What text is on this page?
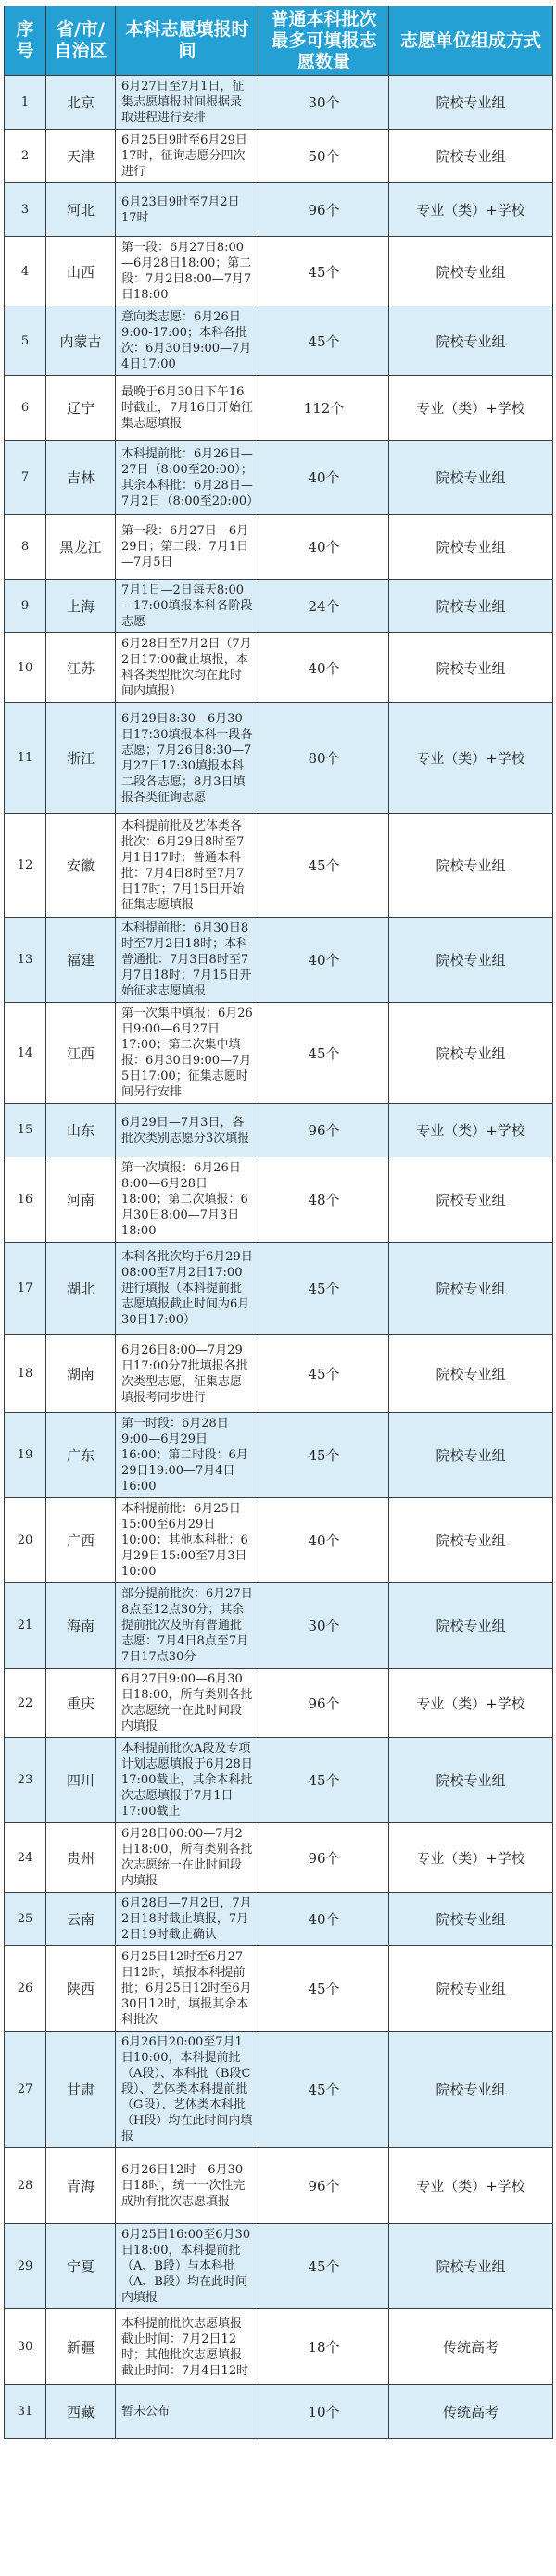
序号	省/市/自治区	本科志愿填报时间	普通本科批次最多可填报志愿数量	志愿单位组成方式
1	北京	6月27日至7月1日，征集志愿填报时间根据录取进程进行安排	30个	院校专业组
2	天津	6月25日9时至6月29日17时，征询志愿分四次进行	50个	院校专业组
3	河北	6月23日9时至7月2日17时	96个	专业（类）+学校
4	山西	第一段：6月27日8:00—6月28日18:00；第二段：7月2日8:00—7月7日18:00	45个	院校专业组
5	内蒙古	意向类志愿：6月26日9:00-17:00；本科各批次：6月30日9:00—7月4日17:00	45个	院校专业组
6	辽宁	最晚于6月30日下午16时截止，7月16日开始征集志愿填报	112个	专业（类）+学校
7	吉林	本科提前批：6月26日—27日（8:00至20:00）；其余本科批：6月28日—7月2日（8:00至20:00）	40个	院校专业组
8	黑龙江	第一段：6月27日—6月29日；第二段：7月1日—7月5日	40个	院校专业组
9	上海	7月1日—2日每天8:00—17:00填报本科各阶段志愿	24个	院校专业组
10	江苏	6月28日至7月2日（7月2日17:00截止填报，本科各类型批次均在此时间内填报）	40个	院校专业组
11	浙江	6月29日8:30—6月30日17:30填报本科一段各志愿；7月26日8:30—7月27日17:30填报本科二段各志愿；8月3日填报各类征询志愿	80个	专业（类）+学校
12	安徽	本科提前批及艺体类各批次：6月29日8时至7月1日17时；普通本科批：7月4日8时至7月7日17时；7月15日开始征集志愿填报	45个	院校专业组
13	福建	本科提前批：6月30日8时至7月2日18时；本科普通批：7月3日8时至7月7日18时；7月15日开始征求志愿填报	40个	院校专业组
14	江西	第一次集中填报：6月26日9:00—6月27日17:00；第二次集中填报：6月30日9:00—7月5日17:00；征集志愿时间另行安排	45个	院校专业组
15	山东	6月29日—7月3日，各批次类别志愿分3次填报	96个	专业（类）+学校
16	河南	第一次填报：6月26日8:00—6月28日18:00；第二次填报：6月30日8:00—7月3日18:00	48个	院校专业组
17	湖北	本科各批次均于6月29日08:00至7月2日17:00进行填报（本科提前批志愿填报截止时间为6月30日17:00）	45个	院校专业组
18	湖南	6月26日8:00—7月29日17:00分7批填报各批次类型志愿，征集志愿填报考同步进行	45个	院校专业组
19	广东	第一时段：6月28日9:00—6月29日16:00；第二时段：6月29日19:00—7月4日16:00	45个	院校专业组
20	广西	本科提前批：6月25日15:00至6月29日10:00；其他本科批：6月29日15:00至7月3日10:00	40个	院校专业组
21	海南	部分提前批次：6月27日8点至12点30分；其余提前批次及所有普通批志愿：7月4日8点至7月7日17点30分	30个	院校专业组
22	重庆	6月27日9:00—6月30日18:00，所有类别各批次志愿统一在此时间段内填报	96个	专业（类）+学校
23	四川	本科提前批次A段及专项计划志愿填报于6月28日17:00截止，其余本科批次志愿填报于7月1日17:00截止	45个	院校专业组
24	贵州	6月28日00:00—7月2日18:00，所有类别各批次志愿统一在此时间段内填报	96个	专业（类）+学校
25	云南	6月28日—7月2日，7月2日18时截止填报，7月2日19时截止确认	40个	院校专业组
26	陕西	6月25日12时至6月27日12时，填报本科提前批；6月25日12时至6月30日12时，填报其余本科批次	45个	院校专业组
27	甘肃	6月26日20:00至7月1日10:00，本科提前批（A段）、本科批（B段C段）、艺体类本科提前批（G段）、艺体类本科批（H段）均在此时间内填报	45个	院校专业组
28	青海	6月26日12时—6月30日18时，统一一次性完成所有批次志愿填报	96个	专业（类）+学校
29	宁夏	6月25日16:00至6月30日18:00，本科提前批（A、B段）与本科批（A、B段）均在此时间内填报	45个	院校专业组
30	新疆	本科提前批次志愿填报截止时间：7月2日12时；其他批次志愿填报截止时间：7月4日12时	18个	传统高考
31	西藏	暂未公布	10个	传统高考
